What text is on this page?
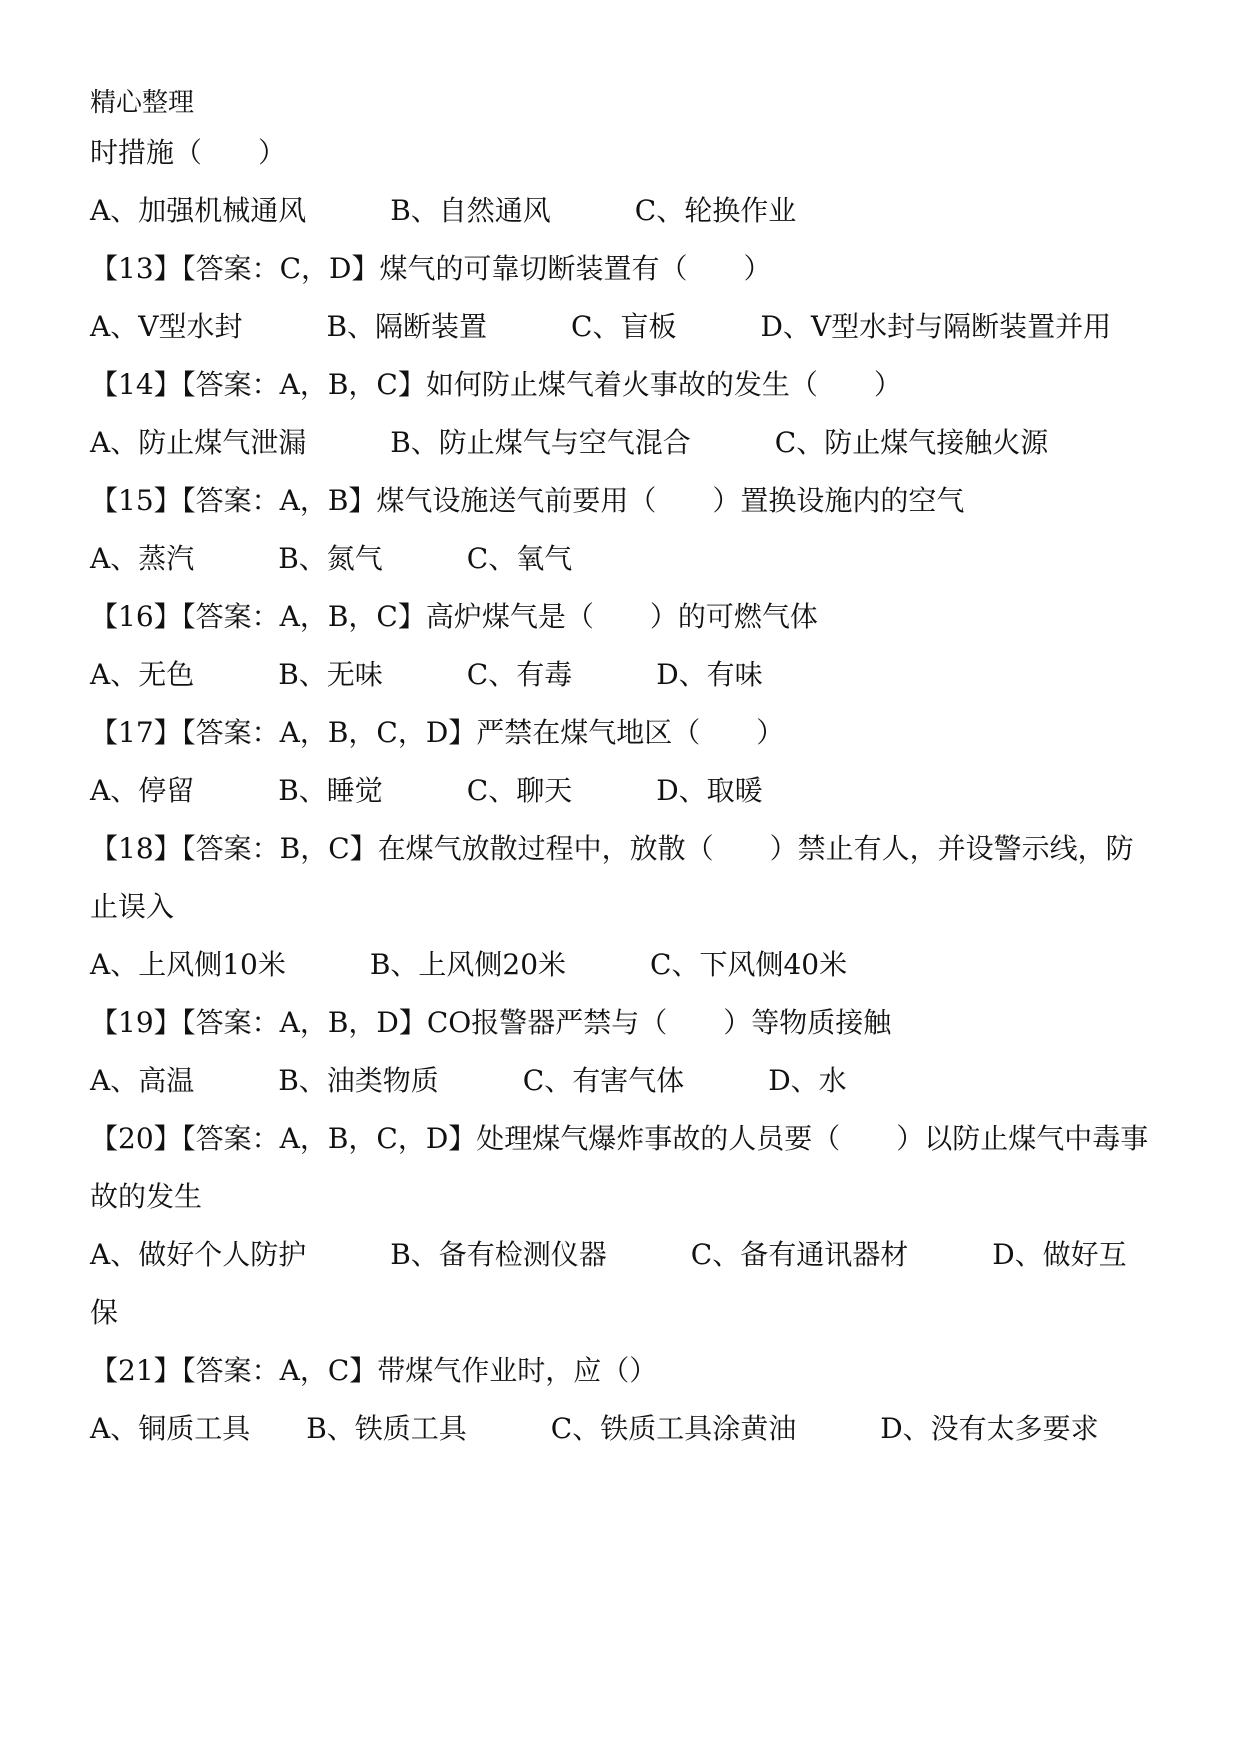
精心整理
时措施（　　）
A、加强机械通风　　　B、自然通风　　　C、轮换作业
【13】【答案：C，D】煤气的可靠切断装置有（　　）
A、V型水封　　　B、隔断装置　　　C、盲板　　　D、V型水封与隔断装置并用
【14】【答案：A，B，C】如何防止煤气着火事故的发生（　　）
A、防止煤气泄漏　　　B、防止煤气与空气混合　　　C、防止煤气接触火源
【15】【答案：A，B】煤气设施送气前要用（　　）置换设施内的空气
A、蒸汽　　　B、氮气　　　C、氧气
【16】【答案：A，B，C】高炉煤气是（　　）的可燃气体
A、无色　　　B、无味　　　C、有毒　　　D、有味
【17】【答案：A，B，C，D】严禁在煤气地区（　　）
A、停留　　　B、睡觉　　　C、聊天　　　D、取暖
【18】【答案：B，C】在煤气放散过程中，放散（　　）禁止有人，并设警示线，防
止误入
A、上风侧10米　　　B、上风侧20米　　　C、下风侧40米
【19】【答案：A，B，D】CO报警器严禁与（　　）等物质接触
A、高温　　　B、油类物质　　　C、有害气体　　　D、水
【20】【答案：A，B，C，D】处理煤气爆炸事故的人员要（　　）以防止煤气中毒事
故的发生
A、做好个人防护　　　B、备有检测仪器　　　C、备有通讯器材　　　D、做好互
保
【21】【答案：A，C】带煤气作业时，应（）
A、铜质工具　　B、铁质工具　　　C、铁质工具涂黄油　　　D、没有太多要求
